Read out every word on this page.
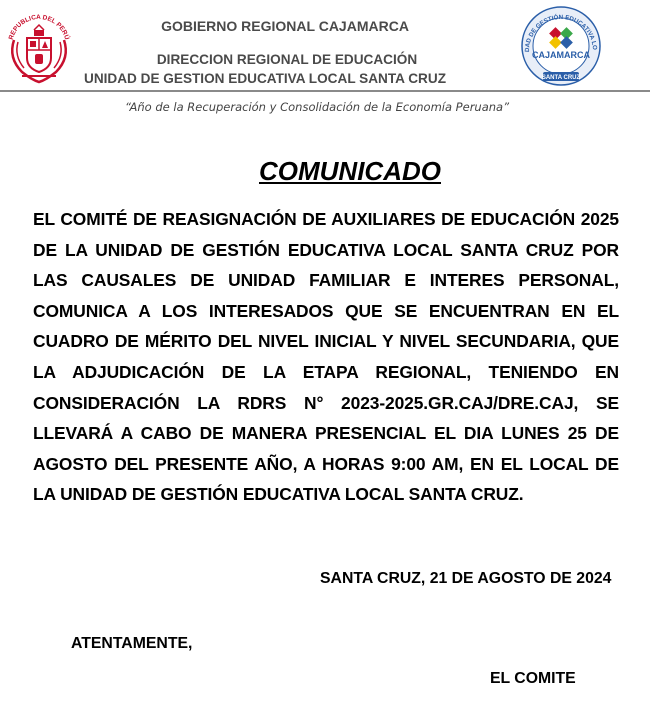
REPUBLICA DEL PERÚ
GOBIERNO REGIONAL CAJAMARCA
DIRECCION REGIONAL DE EDUCACIÓN
UNIDAD DE GESTION EDUCATIVA LOCAL SANTA CRUZ
DAD DE GESTIÓN EDUCATIVA LO
CAJAMARCA
SANTA CRUZ
“Año de la Recuperación y Consolidación de la Economía Peruana”
COMUNICADO
EL COMITÉ DE REASIGNACIÓN DE AUXILIARES DE EDUCACIÓN 2025 DE LA UNIDAD DE GESTIÓN EDUCATIVA LOCAL SANTA CRUZ POR LAS CAUSALES DE UNIDAD FAMILIAR E INTERES PERSONAL, COMUNICA A LOS INTERESADOS QUE SE ENCUENTRAN EN EL CUADRO DE MÉRITO DEL NIVEL INICIAL Y NIVEL SECUNDARIA, QUE LA ADJUDICACIÓN DE LA ETAPA REGIONAL, TENIENDO EN CONSIDERACIÓN LA RDRS N° 2023-2025.GR.CAJ/DRE.CAJ, SE LLEVARÁ A CABO DE MANERA PRESENCIAL EL DIA LUNES 25 DE AGOSTO DEL PRESENTE AÑO, A HORAS 9:00 AM, EN EL LOCAL DE LA UNIDAD DE GESTIÓN EDUCATIVA LOCAL SANTA CRUZ.
SANTA CRUZ, 21 DE AGOSTO DE 2024
ATENTAMENTE,
EL COMITE
